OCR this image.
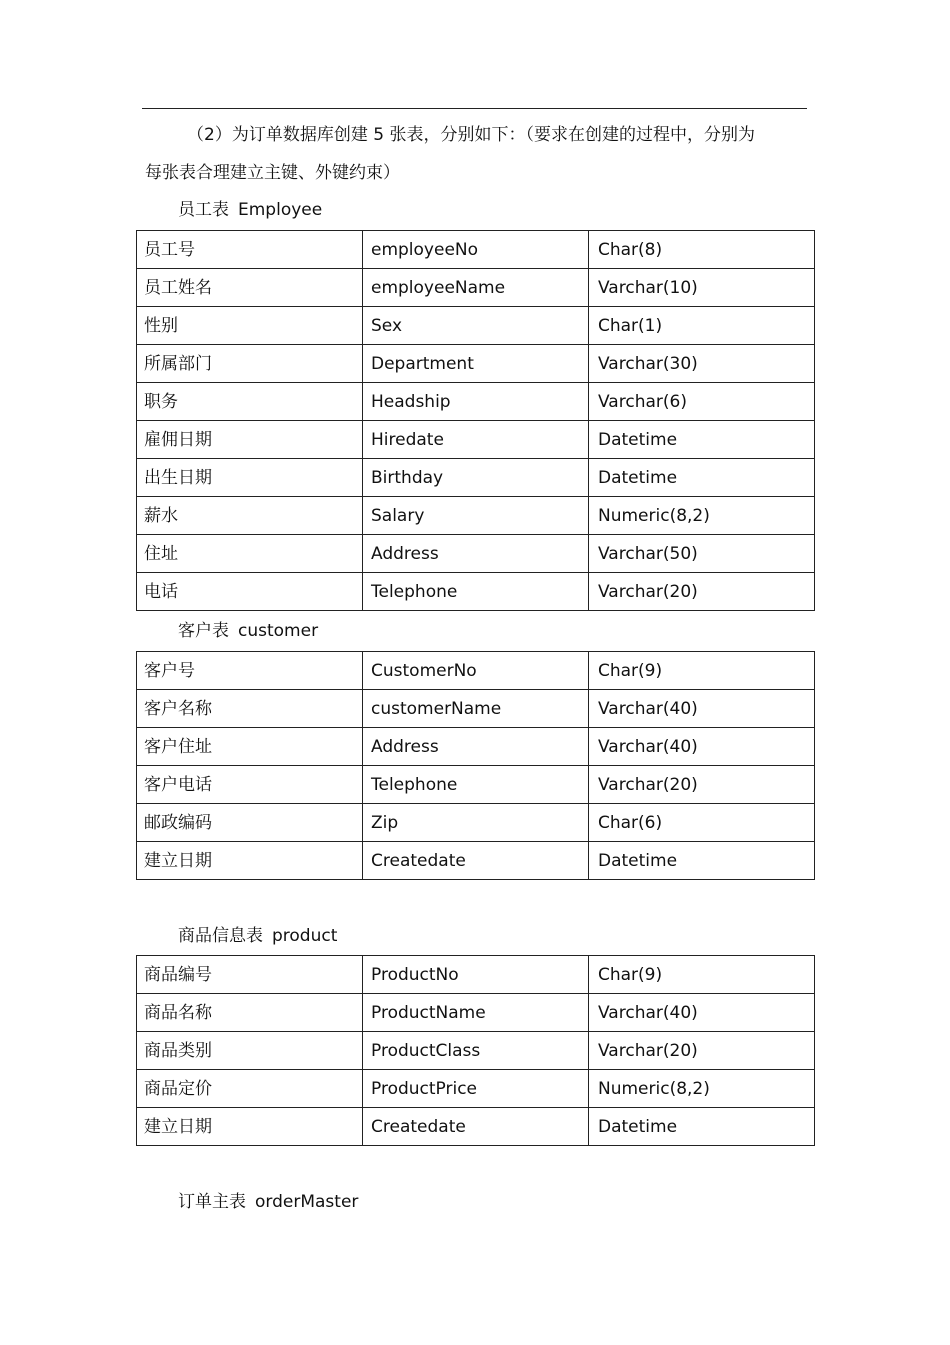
（2）为订单数据库创建 5 张表，分别如下：（要求在创建的过程中，分别为
每张表合理建立主键、外键约束）
员工表 Employee
员工号	employeeNo	Char(8)
员工姓名	employeeName	Varchar(10)
性别	Sex	Char(1)
所属部门	Department	Varchar(30)
职务	Headship	Varchar(6)
雇佣日期	Hiredate	Datetime
出生日期	Birthday	Datetime
薪水	Salary	Numeric(8,2)
住址	Address	Varchar(50)
电话	Telephone	Varchar(20)
客户表 customer
客户号	CustomerNo	Char(9)
客户名称	customerName	Varchar(40)
客户住址	Address	Varchar(40)
客户电话	Telephone	Varchar(20)
邮政编码	Zip	Char(6)
建立日期	Createdate	Datetime
商品信息表 product
商品编号	ProductNo	Char(9)
商品名称	ProductName	Varchar(40)
商品类别	ProductClass	Varchar(20)
商品定价	ProductPrice	Numeric(8,2)
建立日期	Createdate	Datetime
订单主表 orderMaster
